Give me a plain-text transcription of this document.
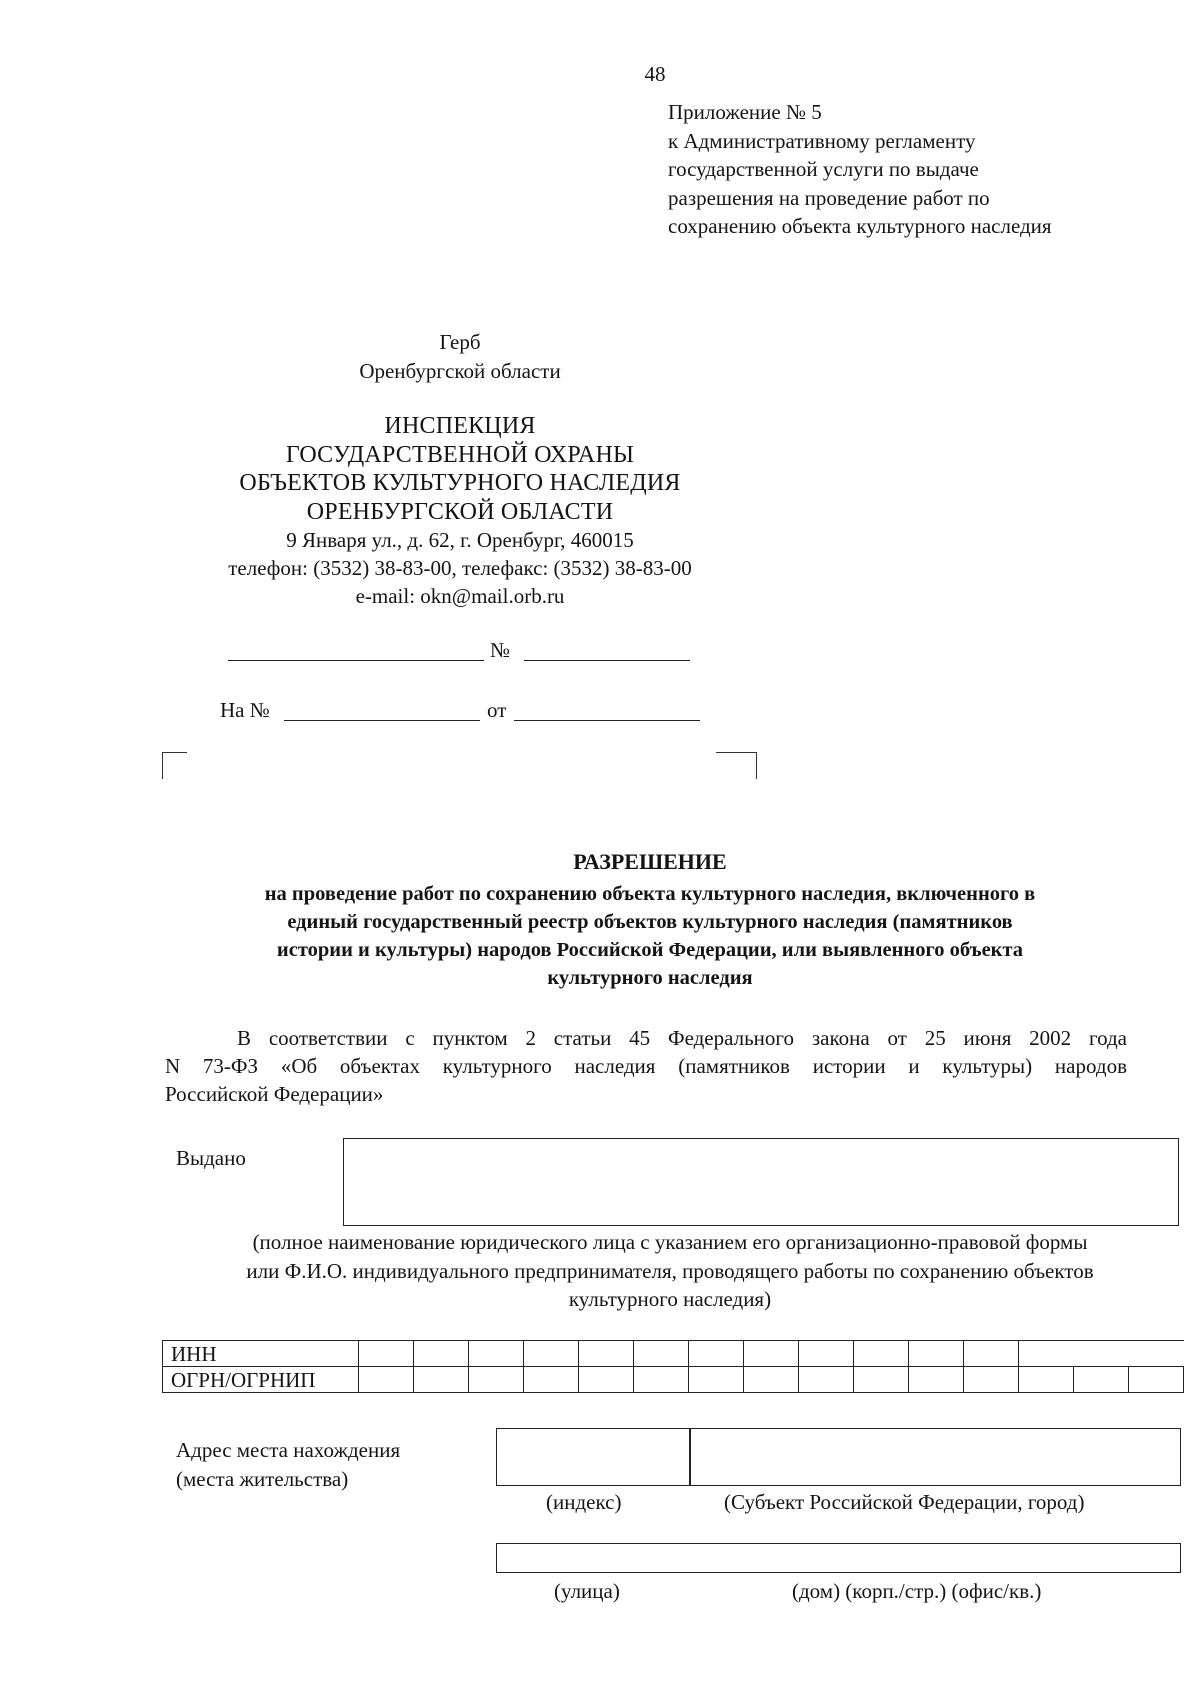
48
Приложение № 5
к Административному регламенту
государственной услуги по выдаче
разрешения на проведение работ по
сохранению объекта культурного наследия
Герб
Оренбургской области
ИНСПЕКЦИЯ
ГОСУДАРСТВЕННОЙ ОХРАНЫ
ОБЪЕКТОВ КУЛЬТУРНОГО НАСЛЕДИЯ
ОРЕНБУРГСКОЙ ОБЛАСТИ
9 Января ул., д. 62, г. Оренбург, 460015
телефон: (3532) 38-83-00, телефакс: (3532) 38-83-00
e-mail: okn@mail.orb.ru
№
На №	от
РАЗРЕШЕНИЕ
на проведение работ по сохранению объекта культурного наследия, включенного в
единый государственный реестр объектов культурного наследия (памятников
истории и культуры) народов Российской Федерации, или выявленного объекта
культурного наследия
В соответствии с пунктом 2 статьи 45 Федерального закона от 25 июня 2002 года
N 73-ФЗ «Об объектах культурного наследия (памятников истории и культуры) народов
Российской Федерации»
Выдано
(полное наименование юридического лица с указанием его организационно-правовой формы
или Ф.И.О. индивидуального предпринимателя, проводящего работы по сохранению объектов
культурного наследия)
ИНН															
ОГРН/ОГРНИП															
Адрес места нахождения
(места жительства)
(индекс)	(Субъект Российской Федерации, город)
(улица)	(дом) (корп./стр.) (офис/кв.)
